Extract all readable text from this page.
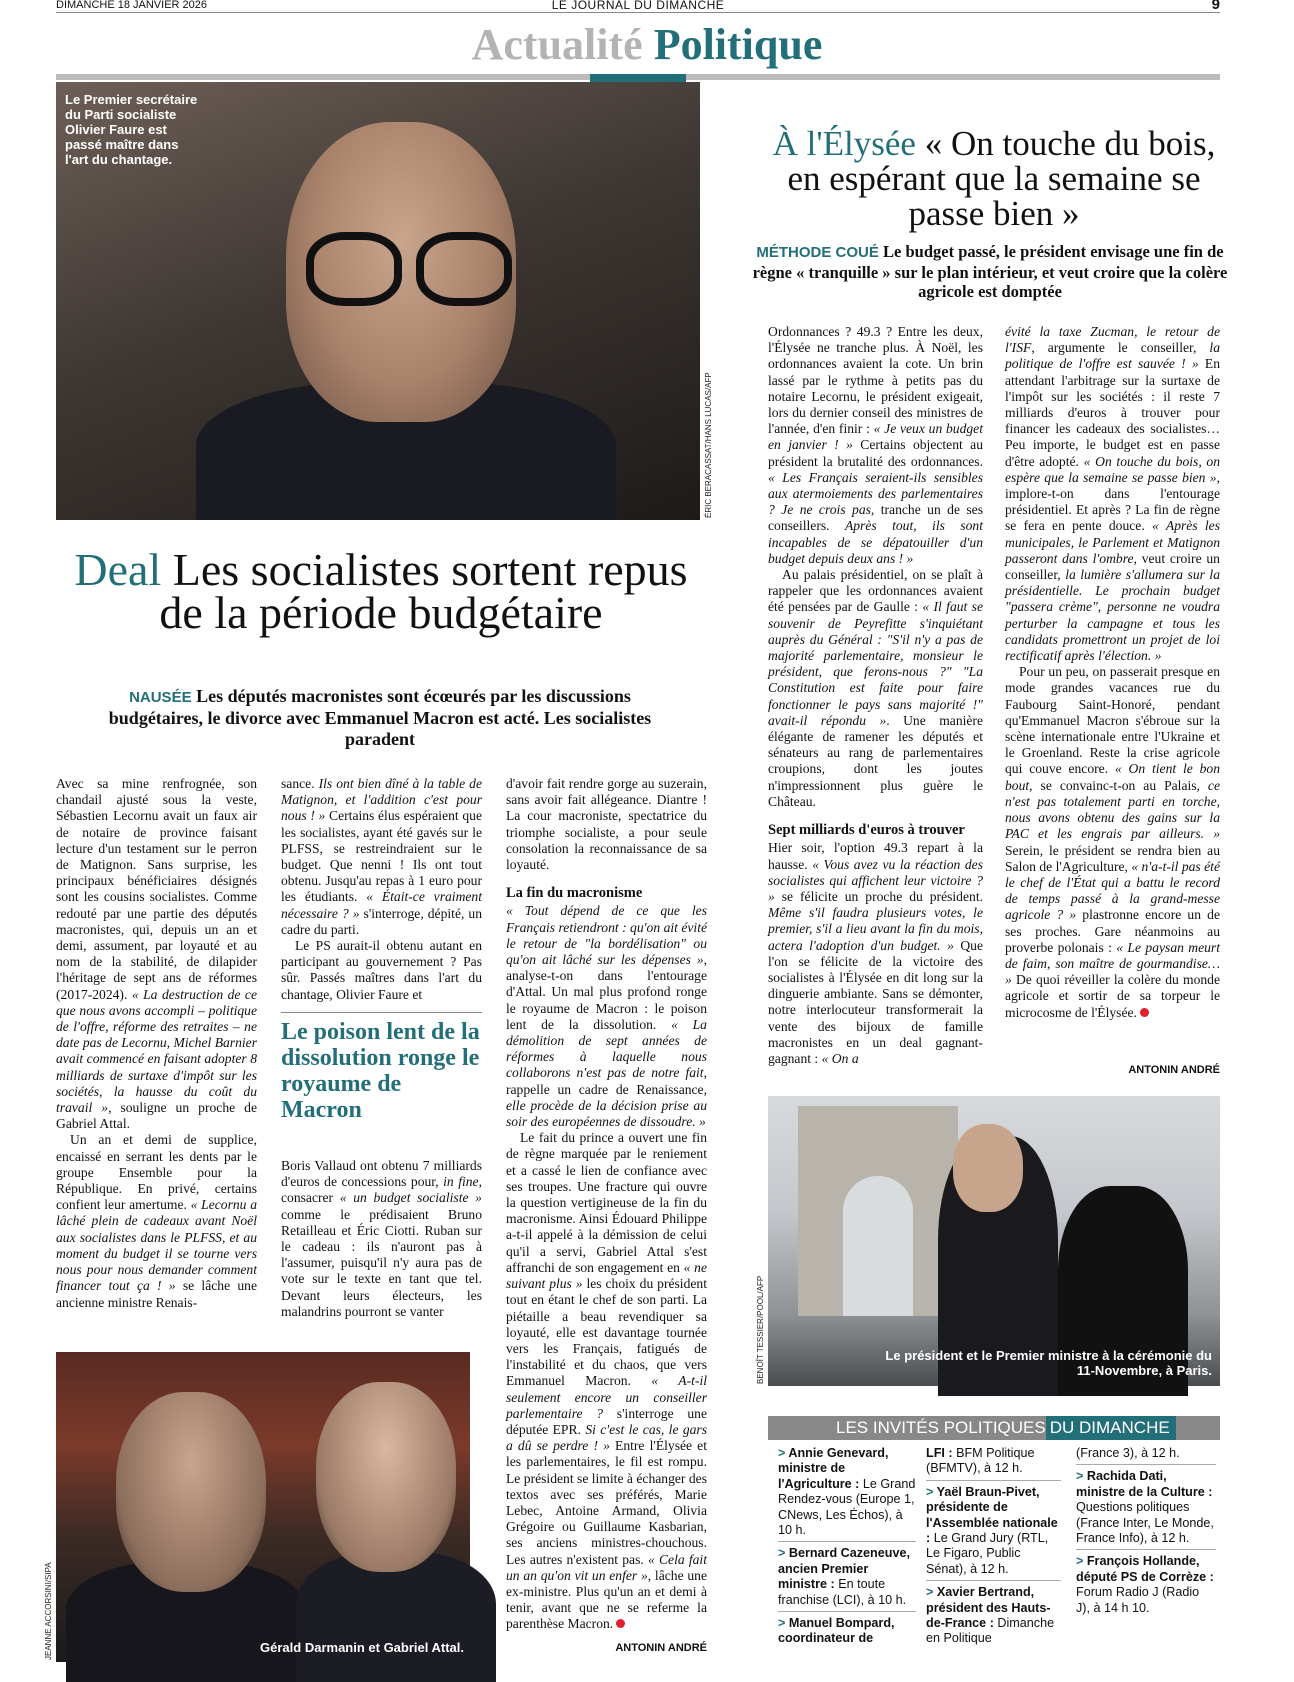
DIMANCHE 18 JANVIER 2026	LE JOURNAL DU DIMANCHE	9
Actualité Politique
Le Premier secrétaire du Parti socialiste Olivier Faure est passé maître dans l'art du chantage.
ÉRIC BERACASSAT/HANS LUCAS/AFP
Deal Les socialistes sortent repus de la période budgétaire
NAUSÉE Les députés macronistes sont écœurés par les discussions budgétaires, le divorce avec Emmanuel Macron est acté. Les socialistes paradent

Avec sa mine renfrognée, son chandail ajusté sous la veste, Sébastien Lecornu avait un faux air de notaire de province faisant lecture d'un testament sur le perron de Matignon. Sans surprise, les principaux bénéficiaires désignés sont les cousins socialistes. Comme redouté par une partie des députés macronistes, qui, depuis un an et demi, assument, par loyauté et au nom de la stabilité, de dilapider l'héritage de sept ans de réformes (2017-2024). « La destruction de ce que nous avons accompli – politique de l'offre, réforme des retraites – ne date pas de Lecornu, Michel Barnier avait commencé en faisant adopter 8 milliards de surtaxe d'impôt sur les sociétés, la hausse du coût du travail », souligne un proche de Gabriel Attal.

Un an et demi de supplice, encaissé en serrant les dents par le groupe Ensemble pour la République. En privé, certains confient leur amertume. « Lecornu a lâché plein de cadeaux avant Noël aux socialistes dans le PLFSS, et au moment du budget il se tourne vers nous pour nous demander comment financer tout ça ! » se lâche une ancienne ministre Renais-

sance. Ils ont bien dîné à la table de Matignon, et l'addition c'est pour nous ! » Certains élus espéraient que les socialistes, ayant été gavés sur le PLFSS, se restreindraient sur le budget. Que nenni ! Ils ont tout obtenu. Jusqu'au repas à 1 euro pour les étudiants. « Était-ce vraiment nécessaire ? » s'interroge, dépité, un cadre du parti.

Le PS aurait-il obtenu autant en participant au gouvernement ? Pas sûr. Passés maîtres dans l'art du chantage, Olivier Faure et

Le poison lent de la dissolution ronge le royaume de Macron

Boris Vallaud ont obtenu 7 milliards d'euros de concessions pour, in fine, consacrer « un budget socialiste » comme le prédisaient Bruno Retailleau et Éric Ciotti. Ruban sur le cadeau : ils n'auront pas à l'assumer, puisqu'il n'y aura pas de vote sur le texte en tant que tel. Devant leurs électeurs, les malandrins pourront se vanter

d'avoir fait rendre gorge au suzerain, sans avoir fait allégeance. Diantre ! La cour macroniste, spectatrice du triomphe socialiste, a pour seule consolation la reconnaissance de sa loyauté.

La fin du macronisme

« Tout dépend de ce que les Français retiendront : qu'on ait évité le retour de "la bordélisation" ou qu'on ait lâché sur les dépenses », analyse-t-on dans l'entourage d'Attal. Un mal plus profond ronge le royaume de Macron : le poison lent de la dissolution. « La démolition de sept années de réformes à laquelle nous collaborons n'est pas de notre fait, rappelle un cadre de Renaissance, elle procède de la décision prise au soir des européennes de dissoudre. »

Le fait du prince a ouvert une fin de règne marquée par le reniement et a cassé le lien de confiance avec ses troupes. Une fracture qui ouvre la question vertigineuse de la fin du macronisme. Ainsi Édouard Philippe a-t-il appelé à la démission de celui qu'il a servi, Gabriel Attal s'est affranchi de son engagement en « ne suivant plus » les choix du président tout en étant le chef de son parti. La piétaille a beau revendiquer sa loyauté, elle est davantage tournée vers les Français, fatigués de l'instabilité et du chaos, que vers Emmanuel Macron. « A-t-il seulement encore un conseiller parlementaire ? s'interroge une députée EPR. Si c'est le cas, le gars a dû se perdre ! » Entre l'Élysée et les parlementaires, le fil est rompu. Le président se limite à échanger des textos avec ses préférés, Marie Lebec, Antoine Armand, Olivia Grégoire ou Guillaume Kasbarian, ses anciens ministres-chouchous. Les autres n'existent pas. « Cela fait un an qu'on vit un enfer », lâche une ex-ministre. Plus qu'un an et demi à tenir, avant que ne se referme la parenthèse Macron.

ANTONIN ANDRÉ
Gérald Darmanin et Gabriel Attal.
JEANNE ACCORSINI/SIPA
À l'Élysée « On touche du bois, en espérant que la semaine se passe bien »
MÉTHODE COUÉ Le budget passé, le président envisage une fin de règne « tranquille » sur le plan intérieur, et veut croire que la colère agricole est domptée

Ordonnances ? 49.3 ? Entre les deux, l'Élysée ne tranche plus. À Noël, les ordonnances avaient la cote. Un brin lassé par le rythme à petits pas du notaire Lecornu, le président exigeait, lors du dernier conseil des ministres de l'année, d'en finir : « Je veux un budget en janvier ! » Certains objectent au président la brutalité des ordonnances. « Les Français seraient-ils sensibles aux atermoiements des parlementaires ? Je ne crois pas, tranche un de ses conseillers. Après tout, ils sont incapables de se dépatouiller d'un budget depuis deux ans ! »

Au palais présidentiel, on se plaît à rappeler que les ordonnances avaient été pensées par de Gaulle : « Il faut se souvenir de Peyrefitte s'inquiétant auprès du Général : "S'il n'y a pas de majorité parlementaire, monsieur le président, que ferons-nous ?" "La Constitution est faite pour faire fonctionner le pays sans majorité !" avait-il répondu ». Une manière élégante de ramener les députés et sénateurs au rang de parlementaires croupions, dont les joutes n'impressionnent plus guère le Château.

Sept milliards d'euros à trouver

Hier soir, l'option 49.3 repart à la hausse. « Vous avez vu la réaction des socialistes qui affichent leur victoire ? » se félicite un proche du président. Même s'il faudra plusieurs votes, le premier, s'il a lieu avant la fin du mois, actera l'adoption d'un budget. » Que l'on se félicite de la victoire des socialistes à l'Élysée en dit long sur la dinguerie ambiante. Sans se démonter, notre interlocuteur transformerait la vente des bijoux de famille macronistes en un deal gagnant-gagnant : « On a

évité la taxe Zucman, le retour de l'ISF, argumente le conseiller, la politique de l'offre est sauvée ! » En attendant l'arbitrage sur la surtaxe de l'impôt sur les sociétés : il reste 7 milliards d'euros à trouver pour financer les cadeaux des socialistes… Peu importe, le budget est en passe d'être adopté. « On touche du bois, on espère que la semaine se passe bien », implore-t-on dans l'entourage présidentiel. Et après ? La fin de règne se fera en pente douce. « Après les municipales, le Parlement et Matignon passeront dans l'ombre, veut croire un conseiller, la lumière s'allumera sur la présidentielle. Le prochain budget "passera crème", personne ne voudra perturber la campagne et tous les candidats promettront un projet de loi rectificatif après l'élection. »

Pour un peu, on passerait presque en mode grandes vacances rue du Faubourg Saint-Honoré, pendant qu'Emmanuel Macron s'ébroue sur la scène internationale entre l'Ukraine et le Groenland. Reste la crise agricole qui couve encore. « On tient le bon bout, se convainc-t-on au Palais, ce n'est pas totalement parti en torche, nous avons obtenu des gains sur la PAC et les engrais par ailleurs. » Serein, le président se rendra bien au Salon de l'Agriculture, « n'a-t-il pas été le chef de l'État qui a battu le record de temps passé à la grand-messe agricole ? » plastronne encore un de ses proches. Gare néanmoins au proverbe polonais : « Le paysan meurt de faim, son maître de gourmandise… » De quoi réveiller la colère du monde agricole et sortir de sa torpeur le microcosme de l'Élysée.

ANTONIN ANDRÉ
Le président et le Premier ministre à la cérémonie du 11-Novembre, à Paris.
BENOÎT TESSIER/POOL/AFP
LES INVITÉS POLITIQUES DU DIMANCHE
> Annie Genevard, ministre de l'Agriculture : Le Grand Rendez-vous (Europe 1, CNews, Les Échos), à 10 h.
> Bernard Cazeneuve, ancien Premier ministre : En toute franchise (LCI), à 10 h.
> Manuel Bompard, coordinateur de
LFI : BFM Politique (BFMTV), à 12 h.
> Yaël Braun-Pivet, présidente de l'Assemblée nationale : Le Grand Jury (RTL, Le Figaro, Public Sénat), à 12 h.
> Xavier Bertrand, président des Hauts-de-France : Dimanche en Politique
(France 3), à 12 h.
> Rachida Dati, ministre de la Culture : Questions politiques (France Inter, Le Monde, France Info), à 12 h.
> François Hollande, député PS de Corrèze : Forum Radio J (Radio J), à 14 h 10.
